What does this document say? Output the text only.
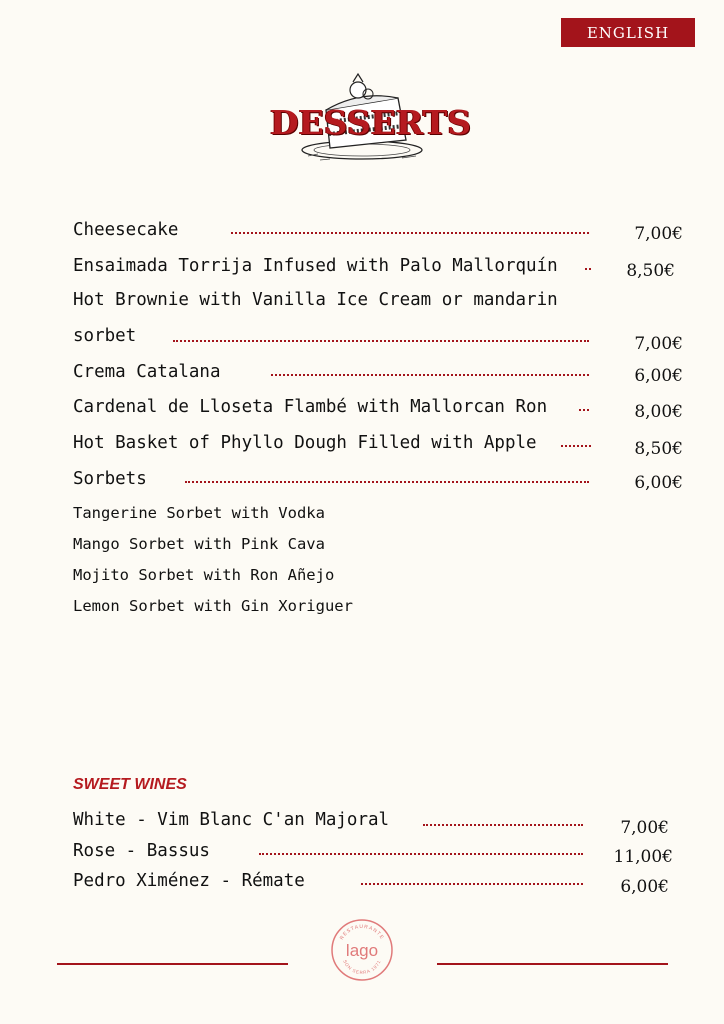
ENGLISH
DESSERTS
Cheesecake	7,00€
Ensaimada Torrija Infused with Palo Mallorquín	8,50€
Hot Brownie with Vanilla Ice Cream or mandarin
sorbet	7,00€
Crema Catalana	6,00€
Cardenal de Lloseta Flambé with Mallorcan Ron	8,00€
Hot Basket of Phyllo Dough Filled with Apple	8,50€
Sorbets	6,00€
Tangerine Sorbet with Vodka
Mango Sorbet with Pink Cava
Mojito Sorbet with Ron Añejo
Lemon Sorbet with Gin Xoriguer
SWEET WINES
White - Vim Blanc C'an Majoral	7,00€
Rose - Bassus	11,00€
Pedro Ximénez - Rémate	6,00€
RESTAURANTE
SON SERRA 1971
lago
